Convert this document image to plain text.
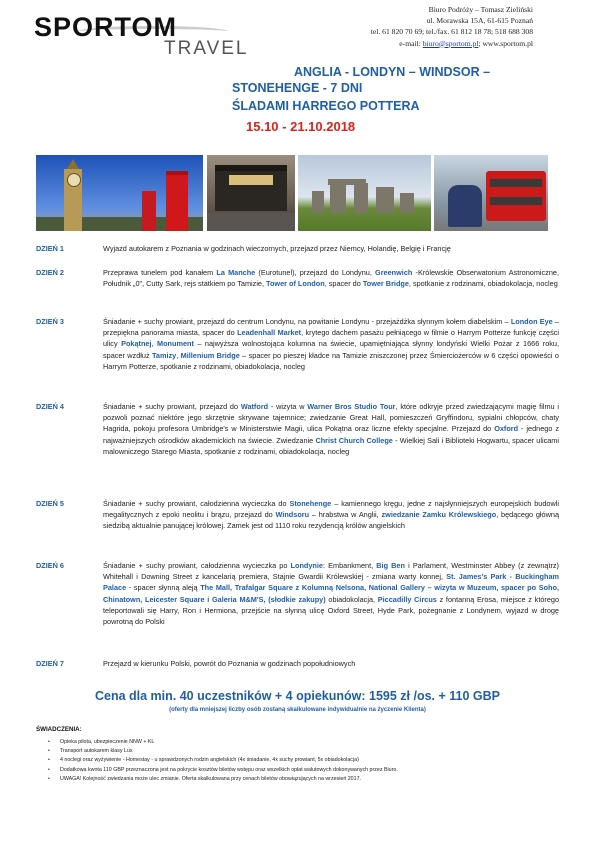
SPORTOM
TRAVEL
Biuro Podróży – Tomasz Zieliński
ul. Morawska 15A, 61-615 Poznań
tel. 61 820 70 69; tel./fax. 61 812 18 78; 518 688 308
e-mail: biuro@sportom.pl; www.sportom.pl
ANGLIA - LONDYN – WINDSOR –
STONEHENGE - 7 DNI
ŚLADAMI HARREGO POTTERA
15.10 - 21.10.2018
DZIEŃ 1	Wyjazd autokarem z Poznania w godzinach wieczornych, przejazd przez Niemcy, Holandię, Belgię i Francję
DZIEŃ 2	Przeprawa tunelem pod kanałem La Manche (Eurotunel), przejazd do Londynu, Greenwich -Królewskie Obserwatorium Astronomiczne, Południk „0", Cutty Sark, rejs statkiem po Tamizie, Tower of London, spacer do Tower Bridge, spotkanie z rodzinami, obiadokolacja, nocleg
DZIEŃ 3	Śniadanie + suchy prowiant, przejazd do centrum Londynu, na powitanie Londynu - przejażdżka słynnym kołem diabelskim – London Eye – przepiękna panorama miasta, spacer do Leadenhall Market, krytego dachem pasażu pełniącego w filmie o Harrym Potterze funkcję części ulicy Pokątnej, Monument – najwyższa wolnostojąca kolumna na świecie, upamiętniająca słynny londyński Wielki Pożar z 1666 roku, spacer wzdłuż Tamizy, Millenium Bridge – spacer po pieszej kładce na Tamizie zniszczonej przez Śmierciożerców w 6 części opowieści o Harrym Potterze, spotkanie z rodzinami, obiadokolacja, nocleg
DZIEŃ 4	Śniadanie + suchy prowiant, przejazd do Watford - wizyta w Warner Bros Studio Tour, które odkryje przed zwiedzającymi magię filmu i pozwoli poznać niektóre jego skrzętnie skrywane tajemnice; zwiedzanie Great Hall, pomieszczeń Gryffindoru, sypialni chłopców, chaty Hagrida, pokoju profesora Umbridge's w Ministerstwie Magii, ulica Pokątna oraz liczne efekty specjalne. Przejazd do Oxford - jednego z najważniejszych ośrodków akademickich na świecie. Zwiedzanie Christ Church College - Wielkiej Sali i Biblioteki Hogwartu, spacer ulicami malowniczego Starego Miasta, spotkanie z rodzinami, obiadokolacja, nocleg
DZIEŃ 5	Śniadanie + suchy prowiant, całodzienna wycieczka do Stonehenge – kamiennego kręgu, jedne z najsłynniejszych europejskich budowli megalitycznych z epoki neolitu i brązu, przejazd do Windsoru – hrabstwa w Anglii, zwiedzanie Zamku Królewskiego, będącego główną siedzibą aktualnie panującej królowej. Zamek jest od 1110 roku rezydencją królów angielskich
DZIEŃ 6	Śniadanie + suchy prowiant, całodzienna wycieczka po Londynie: Embankment, Big Ben i Parlament, Westminster Abbey (z zewnątrz) Whitehall i Downing Street z kancelarią premiera, Stajnie Gwardii Królewskiej - zmiana warty konnej, St. James's Park - Buckingham Palace - spacer słynną aleją The Mall, Trafalgar Square z Kolumną Nelsona, National Gallery – wizyta w Muzeum, spacer po Soho, Chinatown, Leicester Square i Galeria M&M'S, (słodkie zakupy) obiadokolacja, Piccadilly Circus z fontanną Erosa, miejsce z którego teleportowali się Harry, Ron i Hermiona, przejście na słynną ulicę Oxford Street, Hyde Park, pożegnanie z Londynem, wyjazd w drogę powrotną do Polski
DZIEŃ 7	Przejazd w kierunku Polski, powrót do Poznania w godzinach popołudniowych
Cena dla min. 40 uczestników + 4 opiekunów: 1595 zł /os. + 110 GBP
(oferty dla mniejszej liczby osób zostaną skalkulowane indywidualnie na życzenie Klienta)
ŚWIADCZENIA:
• Opieka pilota, ubezpieczenie NNW + KL
• Transport autokarem klasy Lux
• 4 noclegi oraz wyżywienie - Homestay - u sprawdzonych rodzin angielskich (4x śniadanie, 4x suchy prowiant, 5x obiadokolacja)
• Dodatkowa kwota 110 GBP przeznaczona jest na pokrycie kosztów biletów wstępu oraz wszelkich opłat walutowych dokonywanych przez Biuro.
• UWAGA! Kolejność zwiedzania może ulec zmianie. Oferta skalkulowana przy cenach biletów obowiązujących na wrzesień 2017.
